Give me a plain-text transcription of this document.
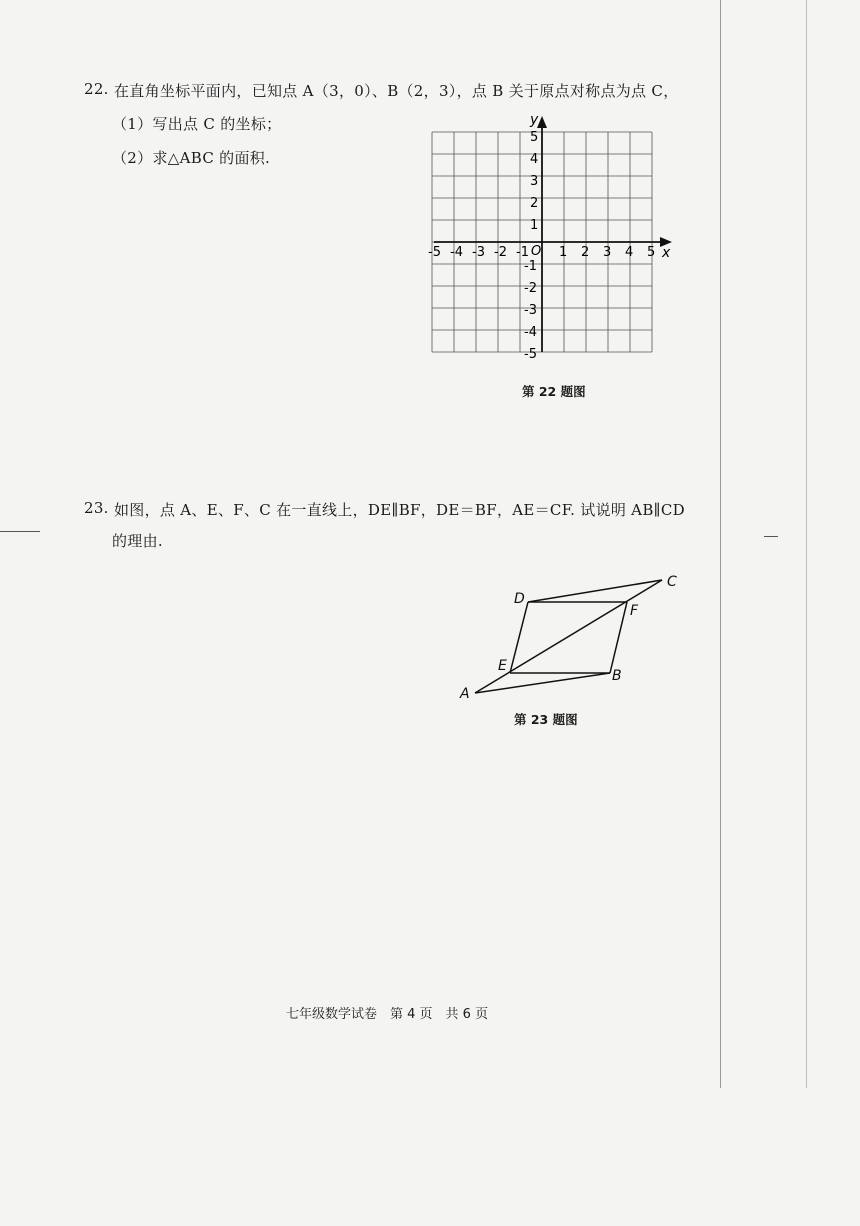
22. 在直角坐标平面内，已知点 A（3，0）、B（2，3），点 B 关于原点对称点为点 C，
（1）写出点 C 的坐标；
（2）求△ABC 的面积.
x
y
O
-5 -4 -3 -2 -1 1 2 3 4 5
5
4
3
2
1
-1
-2
-3
-4
-5
第 22 题图
23. 如图，点 A、E、F、C 在一直线上，DE∥BF，DE＝BF，AE＝CF. 试说明 AB∥CD
的理由.
A
B
C
D
E
F
第 23 题图
七年级数学试卷　第 4 页　共 6 页
